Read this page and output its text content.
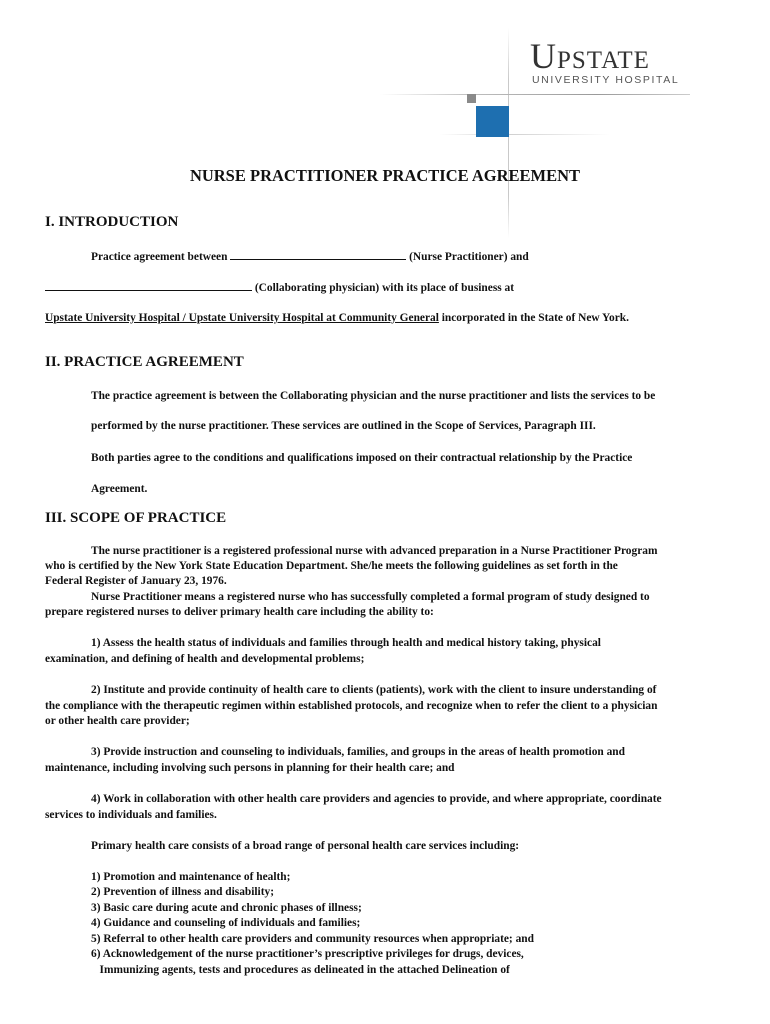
Upstate
UNIVERSITY HOSPITAL
NURSE PRACTITIONER PRACTICE AGREEMENT
I. INTRODUCTION
Practice agreement between	(Nurse Practitioner) and
(Collaborating physician) with its place of business at
Upstate University Hospital / Upstate University Hospital at Community General incorporated in the State of New York.
II. PRACTICE AGREEMENT
The practice agreement is between the Collaborating physician and the nurse practitioner and lists the services to be
performed by the nurse practitioner. These services are outlined in the Scope of Services, Paragraph III.
Both parties agree to the conditions and qualifications imposed on their contractual relationship by the Practice
Agreement.
III. SCOPE OF PRACTICE
The nurse practitioner is a registered professional nurse with advanced preparation in a Nurse Practitioner Program
who is certified by the New York State Education Department. She/he meets the following guidelines as set forth in the
Federal Register of January 23, 1976.
Nurse Practitioner means a registered nurse who has successfully completed a formal program of study designed to
prepare registered nurses to deliver primary health care including the ability to:
1) Assess the health status of individuals and families through health and medical history taking, physical
examination, and defining of health and developmental problems;
2) Institute and provide continuity of health care to clients (patients), work with the client to insure understanding of
the compliance with the therapeutic regimen within established protocols, and recognize when to refer the client to a physician
or other health care provider;
3) Provide instruction and counseling to individuals, families, and groups in the areas of health promotion and
maintenance, including involving such persons in planning for their health care; and
4) Work in collaboration with other health care providers and agencies to provide, and where appropriate, coordinate
services to individuals and families.
Primary health care consists of a broad range of personal health care services including:
1) Promotion and maintenance of health;
2) Prevention of illness and disability;
3) Basic care during acute and chronic phases of illness;
4) Guidance and counseling of individuals and families;
5) Referral to other health care providers and community resources when appropriate; and
6) Acknowledgement of the nurse practitioner’s prescriptive privileges for drugs, devices,
Immunizing agents, tests and procedures as delineated in the attached Delineation of
